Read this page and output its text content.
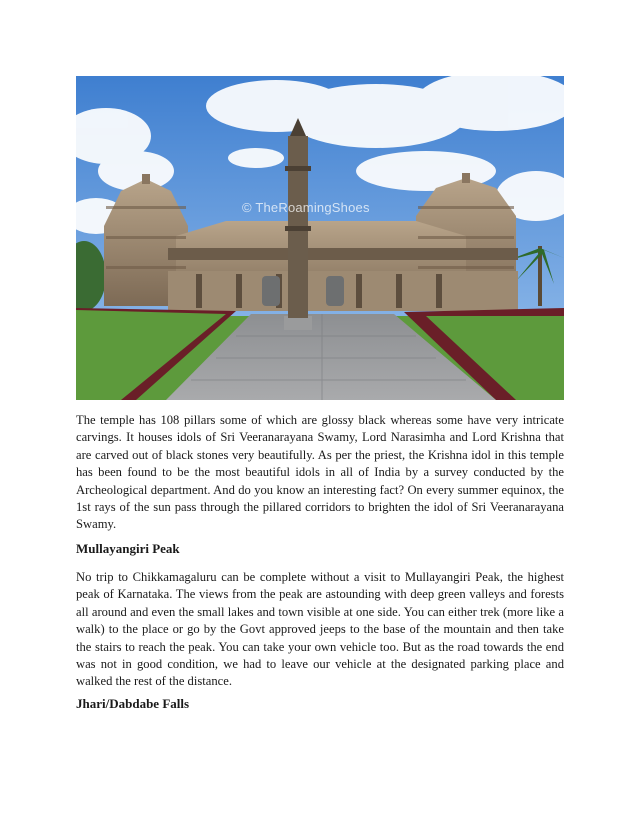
© TheRoamingShoes

The temple has 108 pillars some of which are glossy black whereas some have very intricate carvings. It houses idols of Sri Veeranarayana Swamy, Lord Narasimha and Lord Krishna that are carved out of black stones very beautifully. As per the priest, the Krishna idol in this temple has been found to be the most beautiful idols in all of India by a survey conducted by the Archeological department. And do you know an interesting fact? On every summer equinox, the 1st rays of the sun pass through the pillared corridors to brighten the idol of Sri Veeranarayana Swamy.

Mullayangiri Peak

No trip to Chikkamagaluru can be complete without a visit to Mullayangiri Peak, the highest peak of Karnataka. The views from the peak are astounding with deep green valleys and forests all around and even the small lakes and town visible at one side. You can either trek (more like a walk) to the place or go by the Govt approved jeeps to the base of the mountain and then take the stairs to reach the peak. You can take your own vehicle too. But as the road towards the end was not in good condition, we had to leave our vehicle at the designated parking place and walked the rest of the distance.

Jhari/Dabdabe Falls
